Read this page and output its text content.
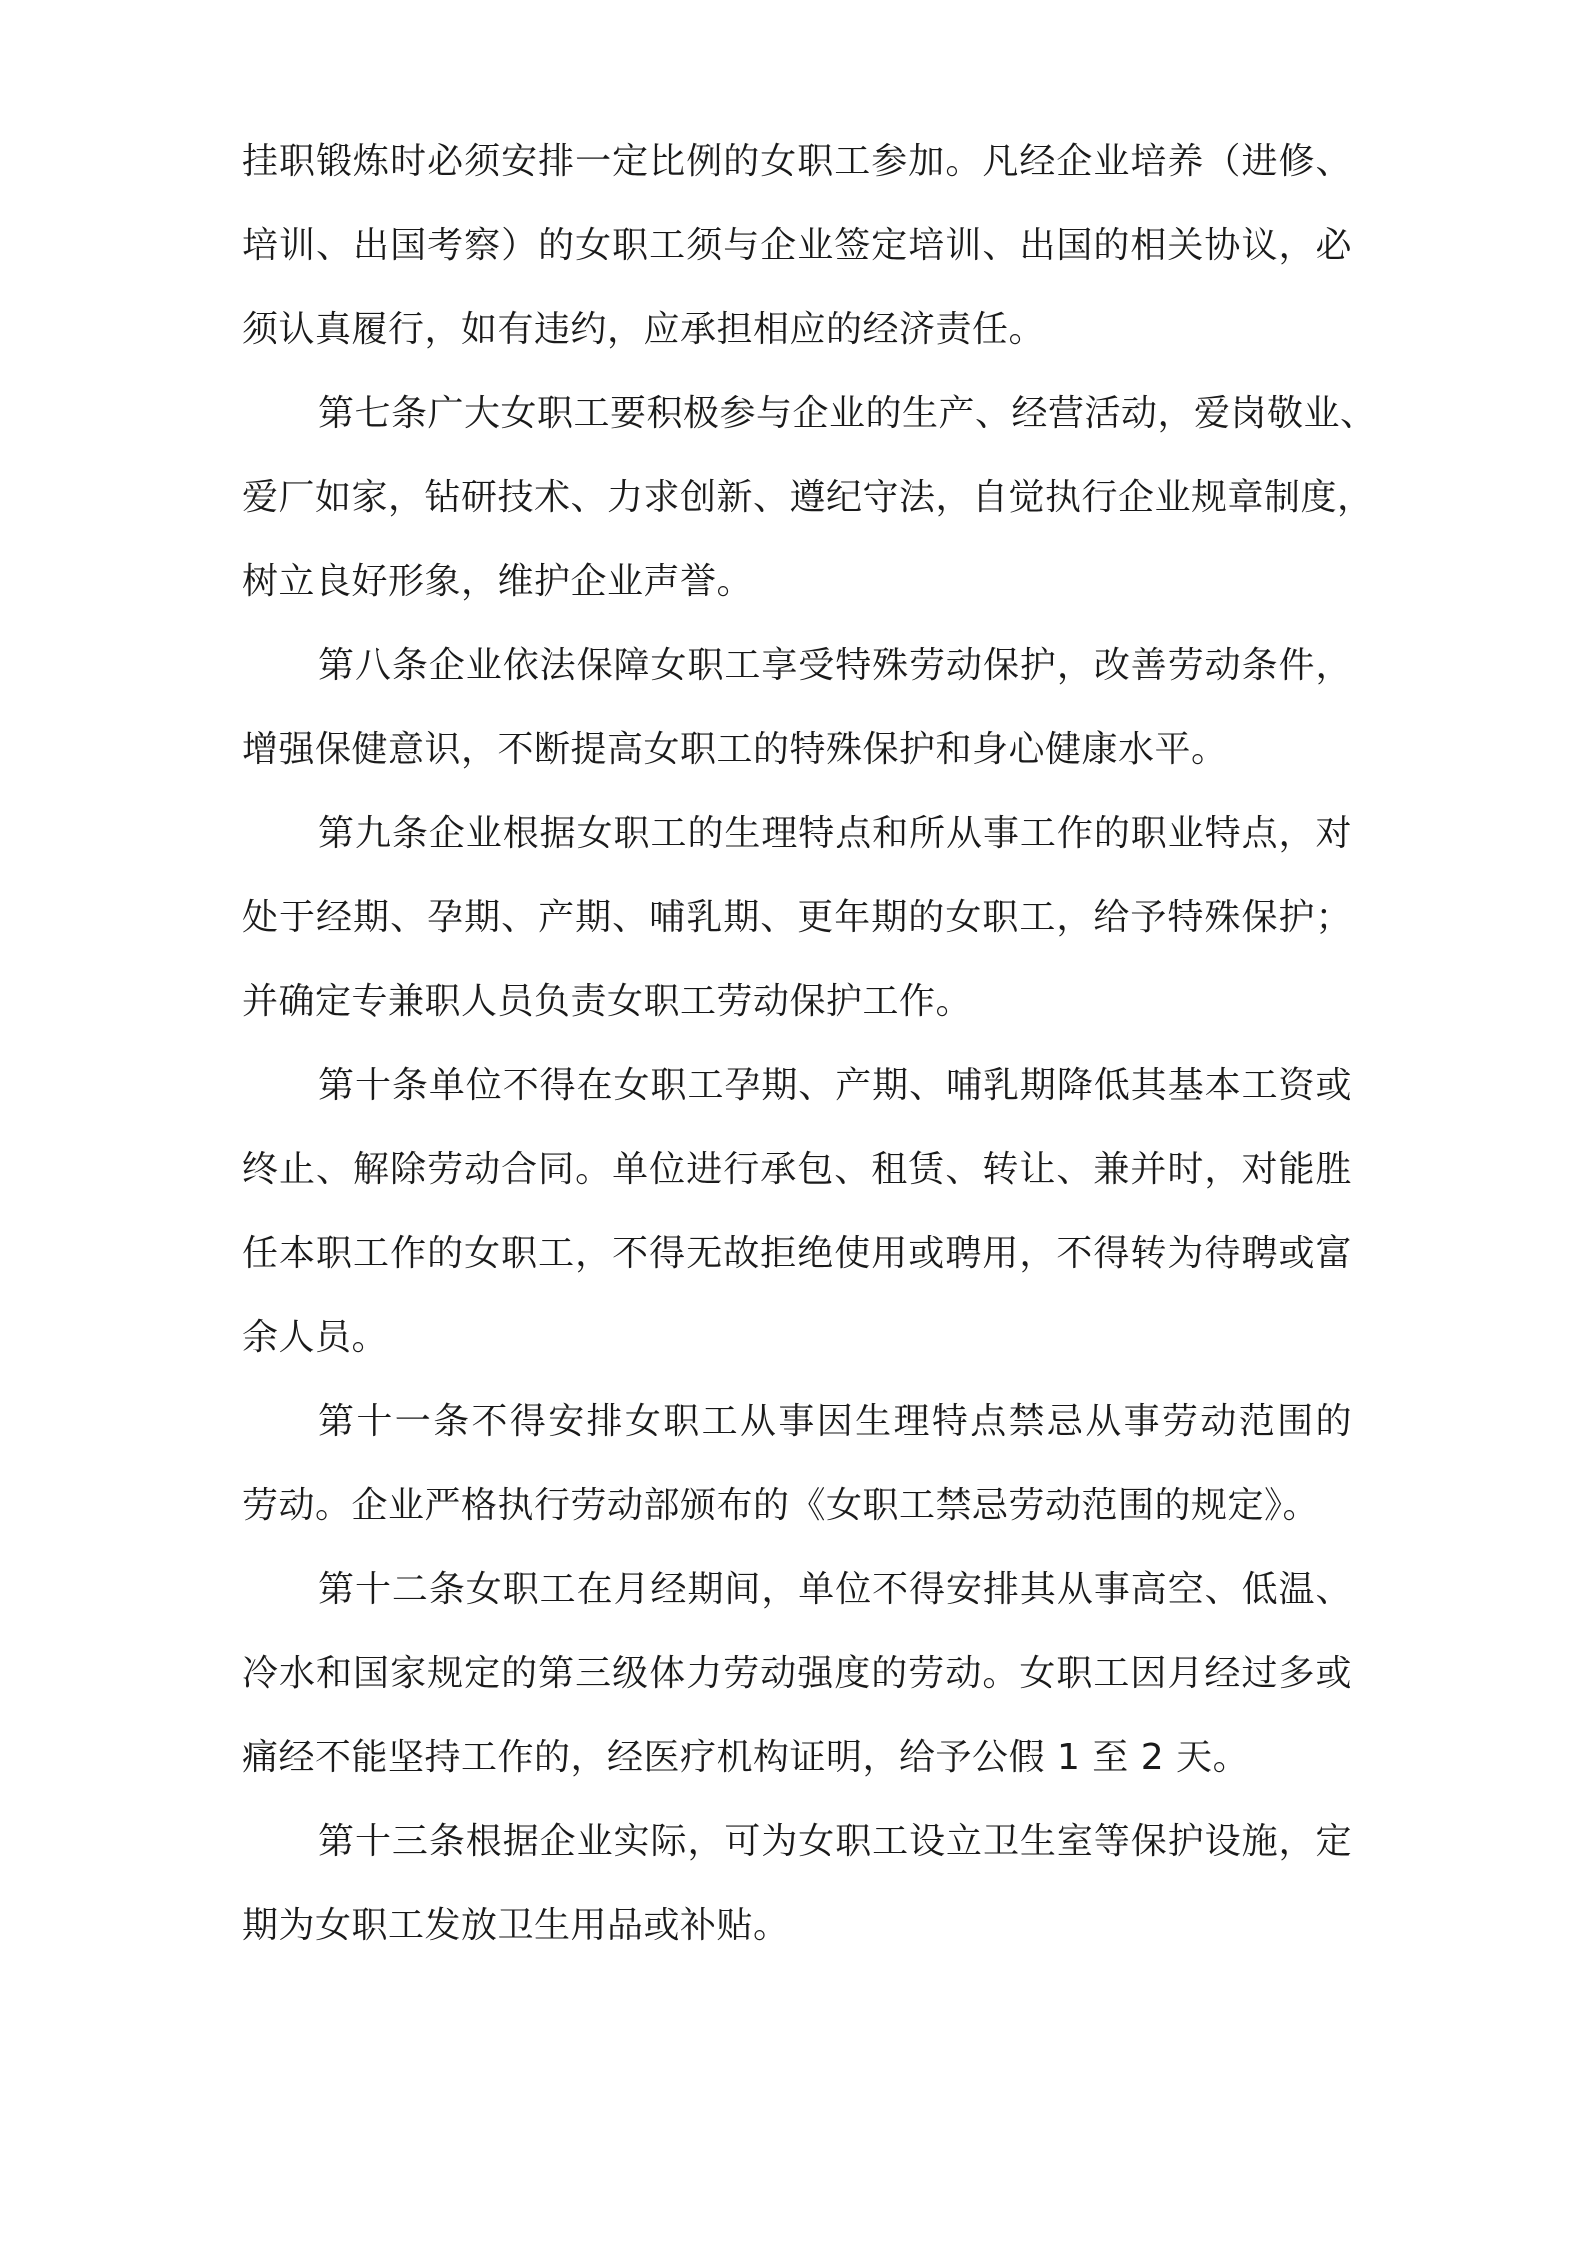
挂职锻炼时必须安排一定比例的女职工参加。凡经企业培养（进修、
培训、出国考察）的女职工须与企业签定培训、出国的相关协议，必
须认真履行，如有违约，应承担相应的经济责任。
第七条广大女职工要积极参与企业的生产、经营活动，爱岗敬业、
爱厂如家，钻研技术、力求创新、遵纪守法，自觉执行企业规章制度，
树立良好形象，维护企业声誉。
第八条企业依法保障女职工享受特殊劳动保护，改善劳动条件，
增强保健意识，不断提高女职工的特殊保护和身心健康水平。
第九条企业根据女职工的生理特点和所从事工作的职业特点，对
处于经期、孕期、产期、哺乳期、更年期的女职工，给予特殊保护；
并确定专兼职人员负责女职工劳动保护工作。
第十条单位不得在女职工孕期、产期、哺乳期降低其基本工资或
终止、解除劳动合同。单位进行承包、租赁、转让、兼并时，对能胜
任本职工作的女职工，不得无故拒绝使用或聘用，不得转为待聘或富
余人员。
第十一条不得安排女职工从事因生理特点禁忌从事劳动范围的
劳动。企业严格执行劳动部颁布的《女职工禁忌劳动范围的规定》。
第十二条女职工在月经期间，单位不得安排其从事高空、低温、
冷水和国家规定的第三级体力劳动强度的劳动。女职工因月经过多或
痛经不能坚持工作的，经医疗机构证明，给予公假 1 至 2 天。
第十三条根据企业实际，可为女职工设立卫生室等保护设施，定
期为女职工发放卫生用品或补贴。
